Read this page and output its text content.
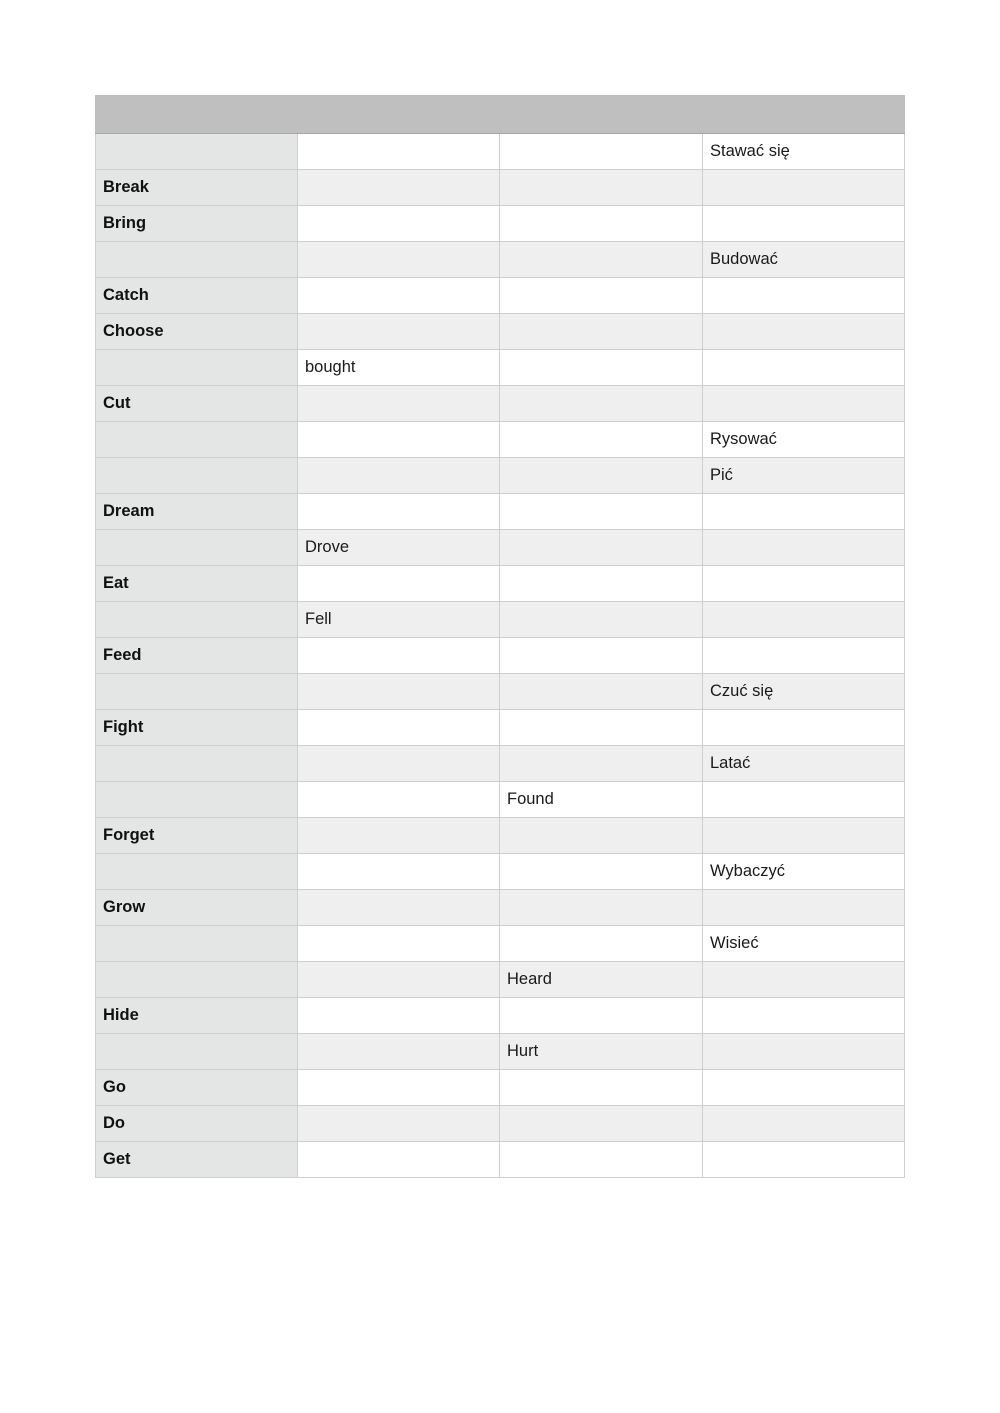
			Stawać się
Break			
Bring			
			Budować
Catch			
Choose			
	bought		
Cut			
			Rysować
			Pić
Dream			
	Drove		
Eat			
	Fell		
Feed			
			Czuć się
Fight			
			Latać
		Found	
Forget			
			Wybaczyć
Grow			
			Wisieć
		Heard	
Hide			
		Hurt	
Go			
Do			
Get			
